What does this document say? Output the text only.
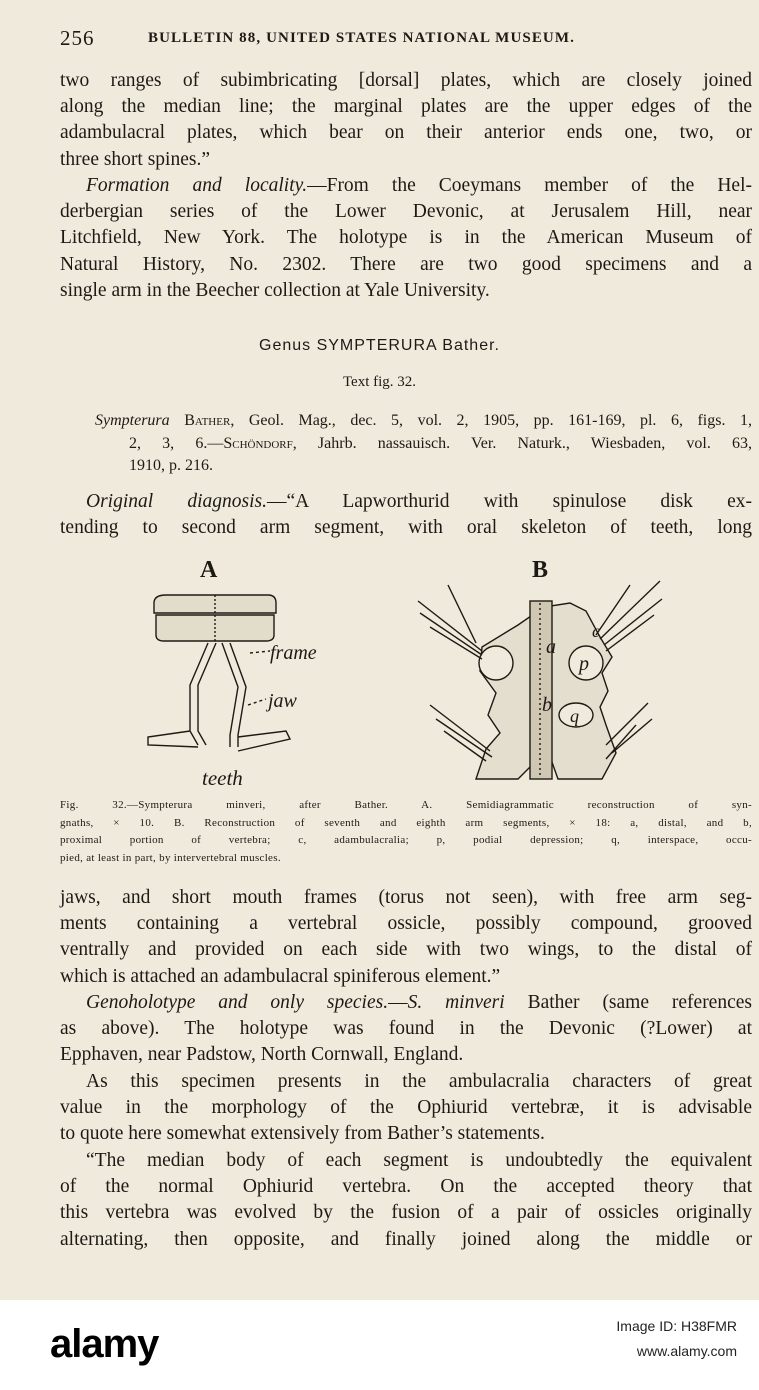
256	BULLETIN 88, UNITED STATES NATIONAL MUSEUM.
two ranges of subimbricating [dorsal] plates, which are closely joined
along the median line; the marginal plates are the upper edges of the
adambulacral plates, which bear on their anterior ends one, two, or
three short spines.”
Formation and locality.—From the Coeymans member of the Hel-
derbergian series of the Lower Devonic, at Jerusalem Hill, near
Litchfield, New York. The holotype is in the American Museum of
Natural History, No. 2302. There are two good specimens and a
single arm in the Beecher collection at Yale University.
Genus SYMPTERURA Bather.
Text fig. 32.
Sympterura Bather, Geol. Mag., dec. 5, vol. 2, 1905, pp. 161-169, pl. 6, figs. 1,
2, 3, 6.—Schöndorf, Jahrb. nassauisch. Ver. Naturk., Wiesbaden, vol. 63,
1910, p. 216.
Original diagnosis.—“A Lapworthurid with spinulose disk ex-
tending to second arm segment, with oral skeleton of teeth, long
A
frame
jaw
teeth
B
a
b
c
p
q
Fig. 32.—Sympterura minveri, after Bather. A. Semidiagrammatic reconstruction of syn-
gnaths, × 10. B. Reconstruction of seventh and eighth arm segments, × 18: a, distal, and b,
proximal portion of vertebra; c, adambulacralia; p, podial depression; q, interspace, occu-
pied, at least in part, by intervertebral muscles.
jaws, and short mouth frames (torus not seen), with free arm seg-
ments containing a vertebral ossicle, possibly compound, grooved
ventrally and provided on each side with two wings, to the distal of
which is attached an adambulacral spiniferous element.”
Genoholotype and only species.—S. minveri Bather (same references
as above). The holotype was found in the Devonic (?Lower) at
Epphaven, near Padstow, North Cornwall, England.
As this specimen presents in the ambulacralia characters of great
value in the morphology of the Ophiurid vertebræ, it is advisable
to quote here somewhat extensively from Bather’s statements.
“The median body of each segment is undoubtedly the equivalent
of the normal Ophiurid vertebra. On the accepted theory that
this vertebra was evolved by the fusion of a pair of ossicles originally
alternating, then opposite, and finally joined along the middle or
alamy	Image ID: H38FMR
www.alamy.com
